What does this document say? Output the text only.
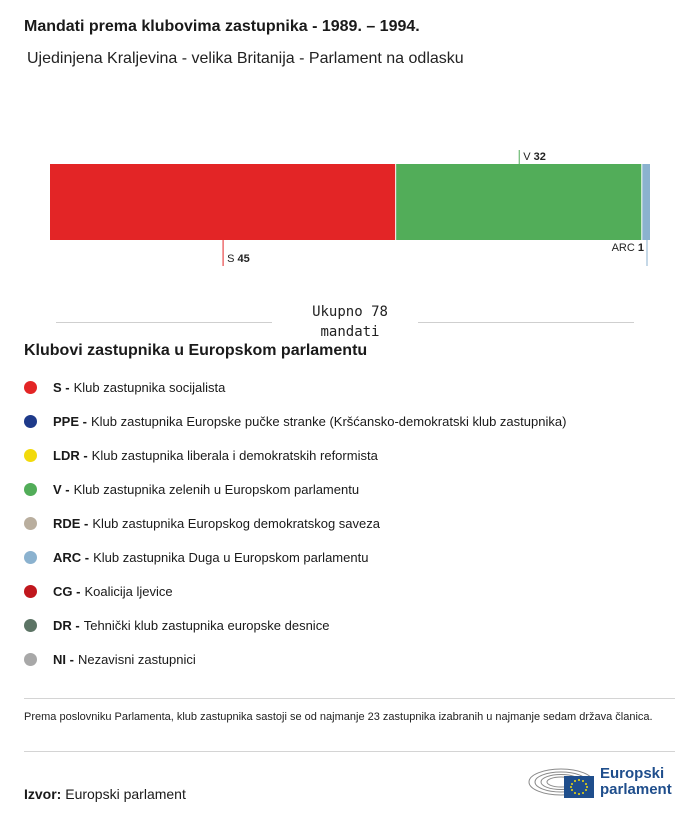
Mandati prema klubovima zastupnika - 1989. – 1994.
Ujedinjena Kraljevina - velika Britanija - Parlament na odlasku
S 45
V 32
ARC 1
Ukupno 78
mandati
Klubovi zastupnika u Europskom parlamentu
S - Klub zastupnika socijalista
PPE - Klub zastupnika Europske pučke stranke (Kršćansko-demokratski klub zastupnika)
LDR - Klub zastupnika liberala i demokratskih reformista
V - Klub zastupnika zelenih u Europskom parlamentu
RDE - Klub zastupnika Europskog demokratskog saveza
ARC - Klub zastupnika Duga u Europskom parlamentu
CG - Koalicija ljevice
DR - Tehnički klub zastupnika europske desnice
NI - Nezavisni zastupnici
Prema poslovniku Parlamenta, klub zastupnika sastoji se od najmanje 23 zastupnika izabranih u najmanje sedam država članica.
Izvor: Europski parlament
Europski
parlament
